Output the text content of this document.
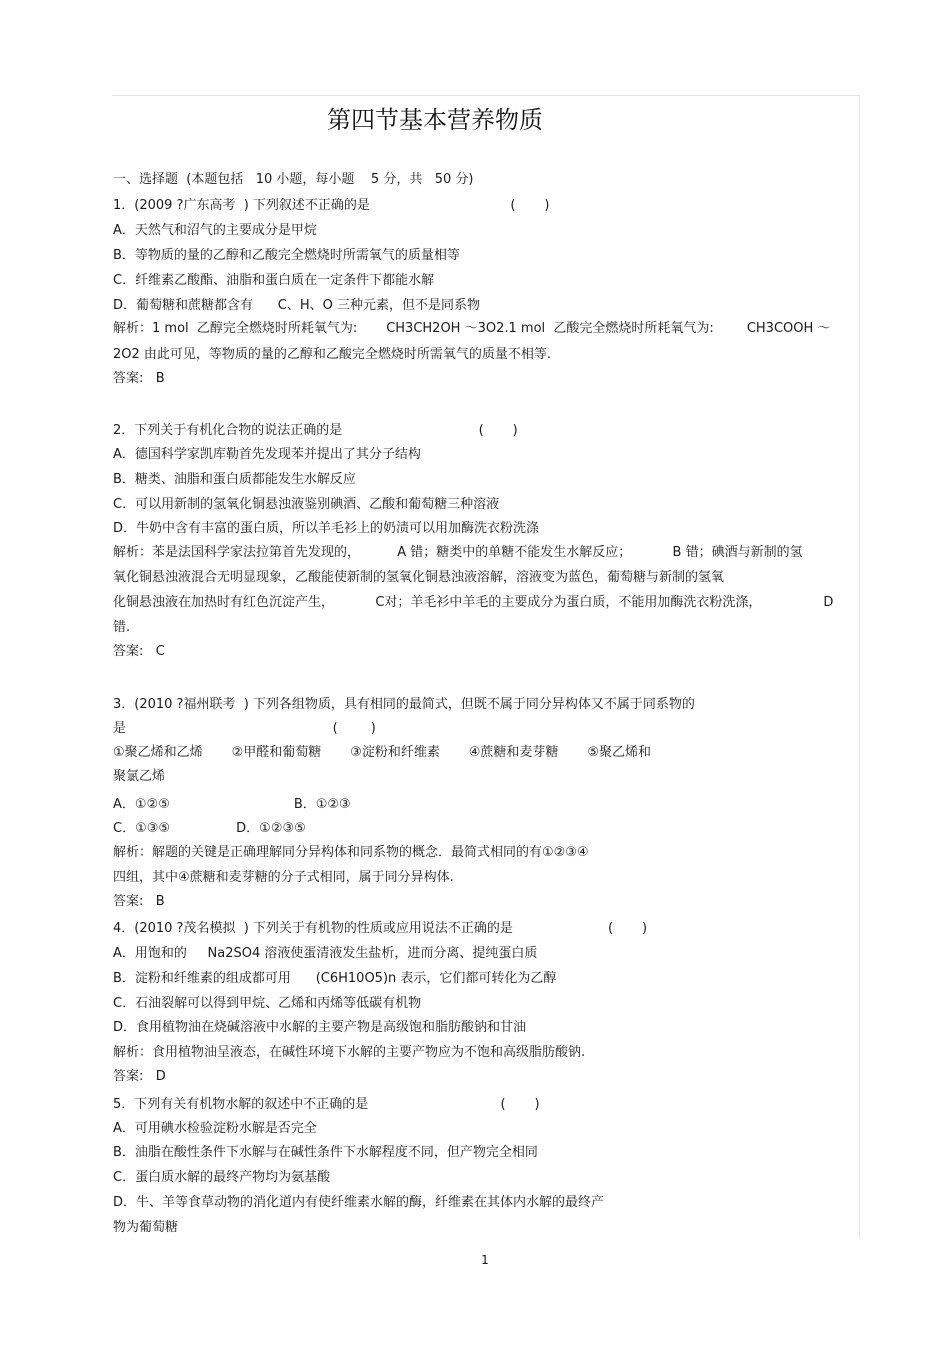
第四节基本营养物质
一、选择题  (本题包括   10 小题，每小题    5 分，共   50 分)
1．(2009 ?广东高考  ) 下列叙述不正确的是                                  (       )
A．天然气和沼气的主要成分是甲烷
B．等物质的量的乙醇和乙酸完全燃烧时所需氧气的质量相等
C．纤维素乙酸酯、油脂和蛋白质在一定条件下都能水解
D．葡萄糖和蔗糖都含有      C、H、O 三种元素，但不是同系物
解析：1 mol  乙醇完全燃烧时所耗氧气为:       CH3CH2OH ～3O2.1 mol  乙酸完全燃烧时所耗氧气为:        CH3COOH ～
2O2 由此可见，等物质的量的乙醇和乙酸完全燃烧时所需氧气的质量不相等.
答案:   B
2．下列关于有机化合物的说法正确的是                                 (       )
A．德国科学家凯库勒首先发现苯并提出了其分子结构
B．糖类、油脂和蛋白质都能发生水解反应
C．可以用新制的氢氧化铜悬浊液鉴别碘酒、乙酸和葡萄糖三种溶液
D．牛奶中含有丰富的蛋白质，所以羊毛衫上的奶渍可以用加酶洗衣粉洗涤
解析：苯是法国科学家法拉第首先发现的，         A 错；糖类中的单糖不能发生水解反应；          B 错；碘酒与新制的氢
氧化铜悬浊液混合无明显现象，乙酸能使新制的氢氧化铜悬浊液溶解，溶液变为蓝色，葡萄糖与新制的氢氧
化铜悬浊液在加热时有红色沉淀产生，          C对；羊毛衫中羊毛的主要成分为蛋白质，不能用加酶洗衣粉洗涤，               D
错.
答案:   C
3．(2010 ?福州联考  ) 下列各组物质，具有相同的最简式，但既不属于同分异构体又不属于同系物的
是                                                  (        )
①聚乙烯和乙烯       ②甲醛和葡萄糖       ③淀粉和纤维素       ④蔗糖和麦芽糖       ⑤聚乙烯和
聚氯乙烯
A．①②⑤                              B．①②③
C．①③⑤                D．①②③⑤
解析：解题的关键是正确理解同分异构体和同系物的概念．最简式相同的有①②③④
四组，其中④蔗糖和麦芽糖的分子式相同，属于同分异构体.
答案:   B
4．(2010 ?茂名模拟  ) 下列关于有机物的性质或应用说法不正确的是                       (       )
A．用饱和的     Na2SO4 溶液使蛋清液发生盐析，进而分离、提纯蛋白质
B．淀粉和纤维素的组成都可用      (C6H10O5)n 表示，它们都可转化为乙醇
C．石油裂解可以得到甲烷、乙烯和丙烯等低碳有机物
D．食用植物油在烧碱溶液中水解的主要产物是高级饱和脂肪酸钠和甘油
解析：食用植物油呈液态，在碱性环境下水解的主要产物应为不饱和高级脂肪酸钠.
答案:   D
5．下列有关有机物水解的叙述中不正确的是                                (       )
A．可用碘水检验淀粉水解是否完全
B．油脂在酸性条件下水解与在碱性条件下水解程度不同，但产物完全相同
C．蛋白质水解的最终产物均为氨基酸
D．牛、羊等食草动物的消化道内有使纤维素水解的酶，纤维素在其体内水解的最终产
物为葡萄糖
1
